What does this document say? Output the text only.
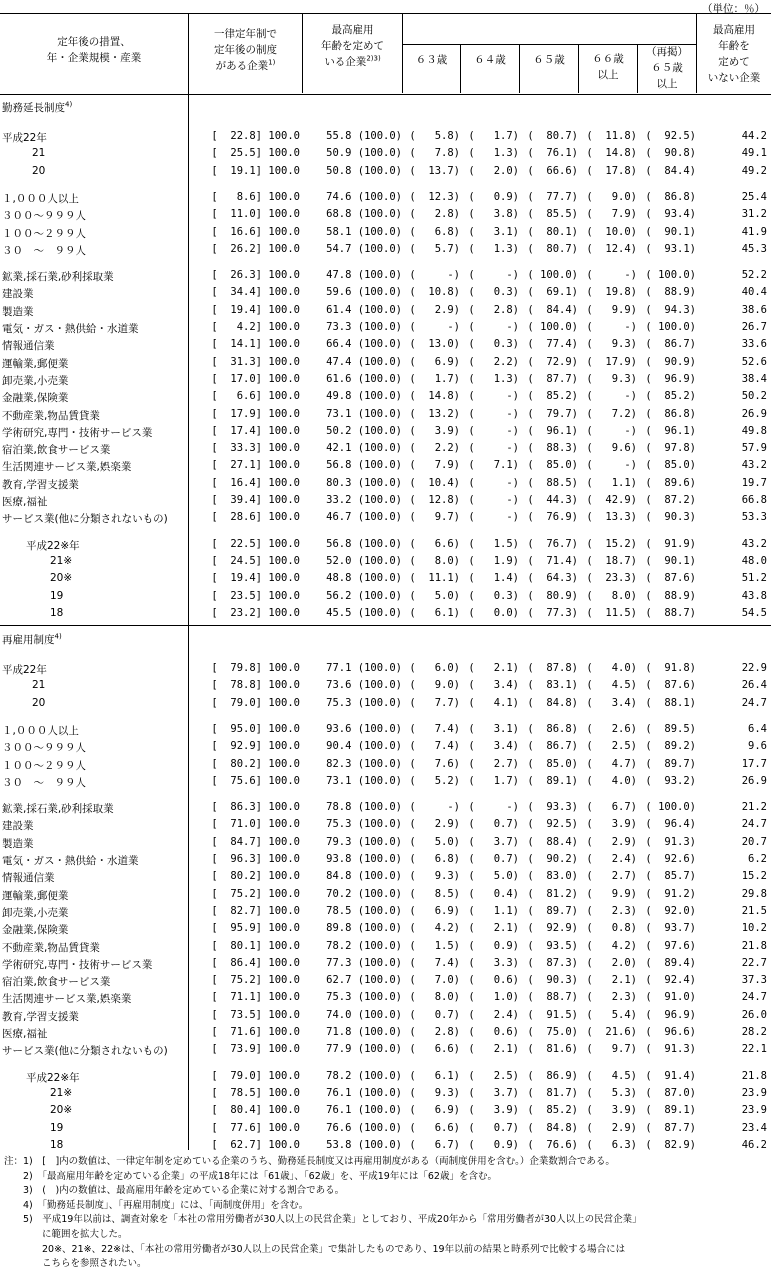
（単位：％）
定年後の措置、
年・企業規模・産業
一律定年制で
定年後の制度
がある企業$^{1)}$
最高雇用
年齢を定めて
いる企業$^{2)3)}$	６３歳	６４歳	６５歳	６６歳
以上
（再掲）
６５歳
以上
最高雇用
年齢を
定めて
いない企業
勤務延長制度$^{4)}$
平成22年	[  22.8] 100.0 55.8 (100.0) (   5.8) (   1.7) (  80.7) (  11.8) (  92.5)	44.2
21	[  25.5] 100.0 50.9 (100.0) (   7.8) (   1.3) (  76.1) (  14.8) (  90.8)	49.1
20	[  19.1] 100.0 50.8 (100.0) (  13.7) (   2.0) (  66.6) (  17.8) (  84.4)	49.2
１,０００人以上	[   8.6] 100.0 74.6 (100.0) (  12.3) (   0.9) (  77.7) (   9.0) (  86.8)	25.4
３００～９９９人	[  11.0] 100.0 68.8 (100.0) (   2.8) (   3.8) (  85.5) (   7.9) (  93.4)	31.2
１００～２９９人	[  16.6] 100.0 58.1 (100.0) (   6.8) (   3.1) (  80.1) (  10.0) (  90.1)	41.9
３０　～　９９人	[  26.2] 100.0 54.7 (100.0) (   5.7) (   1.3) (  80.7) (  12.4) (  93.1)	45.3
鉱業,採石業,砂利採取業	[  26.3] 100.0 47.8 (100.0) (     -) (     -) ( 100.0) (     -) ( 100.0)	52.2
建設業	[  34.4] 100.0 59.6 (100.0) (  10.8) (   0.3) (  69.1) (  19.8) (  88.9)	40.4
製造業	[  19.4] 100.0 61.4 (100.0) (   2.9) (   2.8) (  84.4) (   9.9) (  94.3)	38.6
電気・ガス・熱供給・水道業	[   4.2] 100.0 73.3 (100.0) (     -) (     -) ( 100.0) (     -) ( 100.0)	26.7
情報通信業	[  14.1] 100.0 66.4 (100.0) (  13.0) (   0.3) (  77.4) (   9.3) (  86.7)	33.6
運輸業,郵便業	[  31.3] 100.0 47.4 (100.0) (   6.9) (   2.2) (  72.9) (  17.9) (  90.9)	52.6
卸売業,小売業	[  17.0] 100.0 61.6 (100.0) (   1.7) (   1.3) (  87.7) (   9.3) (  96.9)	38.4
金融業,保険業	[   6.6] 100.0 49.8 (100.0) (  14.8) (     -) (  85.2) (     -) (  85.2)	50.2
不動産業,物品賃貸業	[  17.9] 100.0 73.1 (100.0) (  13.2) (     -) (  79.7) (   7.2) (  86.8)	26.9
学術研究,専門・技術サービス業	[  17.4] 100.0 50.2 (100.0) (   3.9) (     -) (  96.1) (     -) (  96.1)	49.8
宿泊業,飲食サービス業	[  33.3] 100.0 42.1 (100.0) (   2.2) (     -) (  88.3) (   9.6) (  97.8)	57.9
生活関連サービス業,娯楽業	[  27.1] 100.0 56.8 (100.0) (   7.9) (   7.1) (  85.0) (     -) (  85.0)	43.2
教育,学習支援業	[  16.4] 100.0 80.3 (100.0) (  10.4) (     -) (  88.5) (   1.1) (  89.6)	19.7
医療,福祉	[  39.4] 100.0 33.2 (100.0) (  12.8) (     -) (  44.3) (  42.9) (  87.2)	66.8
サービス業(他に分類されないもの)	[  28.6] 100.0 46.7 (100.0) (   9.7) (     -) (  76.9) (  13.3) (  90.3)	53.3
平成22※年	[  22.5] 100.0 56.8 (100.0) (   6.6) (   1.5) (  76.7) (  15.2) (  91.9)	43.2
21※	[  24.5] 100.0 52.0 (100.0) (   8.0) (   1.9) (  71.4) (  18.7) (  90.1)	48.0
20※	[  19.4] 100.0 48.8 (100.0) (  11.1) (   1.4) (  64.3) (  23.3) (  87.6)	51.2
19	[  23.5] 100.0 56.2 (100.0) (   5.0) (   0.3) (  80.9) (   8.0) (  88.9)	43.8
18	[  23.2] 100.0 45.5 (100.0) (   6.1) (   0.0) (  77.3) (  11.5) (  88.7)	54.5
再雇用制度$^{4)}$
平成22年	[  79.8] 100.0 77.1 (100.0) (   6.0) (   2.1) (  87.8) (   4.0) (  91.8)	22.9
21	[  78.8] 100.0 73.6 (100.0) (   9.0) (   3.4) (  83.1) (   4.5) (  87.6)	26.4
20	[  79.0] 100.0 75.3 (100.0) (   7.7) (   4.1) (  84.8) (   3.4) (  88.1)	24.7
１,０００人以上	[  95.0] 100.0 93.6 (100.0) (   7.4) (   3.1) (  86.8) (   2.6) (  89.5)	6.4
３００～９９９人	[  92.9] 100.0 90.4 (100.0) (   7.4) (   3.4) (  86.7) (   2.5) (  89.2)	9.6
１００～２９９人	[  80.2] 100.0 82.3 (100.0) (   7.6) (   2.7) (  85.0) (   4.7) (  89.7)	17.7
３０　～　９９人	[  75.6] 100.0 73.1 (100.0) (   5.2) (   1.7) (  89.1) (   4.0) (  93.2)	26.9
鉱業,採石業,砂利採取業	[  86.3] 100.0 78.8 (100.0) (     -) (     -) (  93.3) (   6.7) ( 100.0)	21.2
建設業	[  71.0] 100.0 75.3 (100.0) (   2.9) (   0.7) (  92.5) (   3.9) (  96.4)	24.7
製造業	[  84.7] 100.0 79.3 (100.0) (   5.0) (   3.7) (  88.4) (   2.9) (  91.3)	20.7
電気・ガス・熱供給・水道業	[  96.3] 100.0 93.8 (100.0) (   6.8) (   0.7) (  90.2) (   2.4) (  92.6)	6.2
情報通信業	[  80.2] 100.0 84.8 (100.0) (   9.3) (   5.0) (  83.0) (   2.7) (  85.7)	15.2
運輸業,郵便業	[  75.2] 100.0 70.2 (100.0) (   8.5) (   0.4) (  81.2) (   9.9) (  91.2)	29.8
卸売業,小売業	[  82.7] 100.0 78.5 (100.0) (   6.9) (   1.1) (  89.7) (   2.3) (  92.0)	21.5
金融業,保険業	[  95.9] 100.0 89.8 (100.0) (   4.2) (   2.1) (  92.9) (   0.8) (  93.7)	10.2
不動産業,物品賃貸業	[  80.1] 100.0 78.2 (100.0) (   1.5) (   0.9) (  93.5) (   4.2) (  97.6)	21.8
学術研究,専門・技術サービス業	[  86.4] 100.0 77.3 (100.0) (   7.4) (   3.3) (  87.3) (   2.0) (  89.4)	22.7
宿泊業,飲食サービス業	[  75.2] 100.0 62.7 (100.0) (   7.0) (   0.6) (  90.3) (   2.1) (  92.4)	37.3
生活関連サービス業,娯楽業	[  71.1] 100.0 75.3 (100.0) (   8.0) (   1.0) (  88.7) (   2.3) (  91.0)	24.7
教育,学習支援業	[  73.5] 100.0 74.0 (100.0) (   0.7) (   2.4) (  91.5) (   5.4) (  96.9)	26.0
医療,福祉	[  71.6] 100.0 71.8 (100.0) (   2.8) (   0.6) (  75.0) (  21.6) (  96.6)	28.2
サービス業(他に分類されないもの)	[  73.9] 100.0 77.9 (100.0) (   6.6) (   2.1) (  81.6) (   9.7) (  91.3)	22.1
平成22※年	[  79.0] 100.0 78.2 (100.0) (   6.1) (   2.5) (  86.9) (   4.5) (  91.4)	21.8
21※	[  78.5] 100.0 76.1 (100.0) (   9.3) (   3.7) (  81.7) (   5.3) (  87.0)	23.9
20※	[  80.4] 100.0 76.1 (100.0) (   6.9) (   3.9) (  85.2) (   3.9) (  89.1)	23.9
19	[  77.6] 100.0 76.6 (100.0) (   6.6) (   0.7) (  84.8) (   2.9) (  87.7)	23.4
18	[  62.7] 100.0 53.8 (100.0) (   6.7) (   0.9) (  76.6) (   6.3) (  82.9)	46.2
注：1)　[　]内の数値は、一律定年制を定めている企業のうち、勤務延長制度又は再雇用制度がある（両制度併用を含む。）企業数割合である。
　　2)　「最高雇用年齢を定めている企業」の平成18年には「61歳」、「62歳」を、平成19年には「62歳」を含む。
　　3)　(　)内の数値は、最高雇用年齢を定めている企業に対する割合である。
　　4)　「勤務延長制度」、「再雇用制度」には、「両制度併用」を含む。
　　5)　平成19年以前は、調査対象を「本社の常用労働者が30人以上の民営企業」としており、平成20年から「常用労働者が30人以上の民営企業」
　　　　に範囲を拡大した。
　　　　20※、21※、22※は、「本社の常用労働者が30人以上の民営企業」で集計したものであり、19年以前の結果と時系列で比較する場合には
　　　　こちらを参照されたい。
